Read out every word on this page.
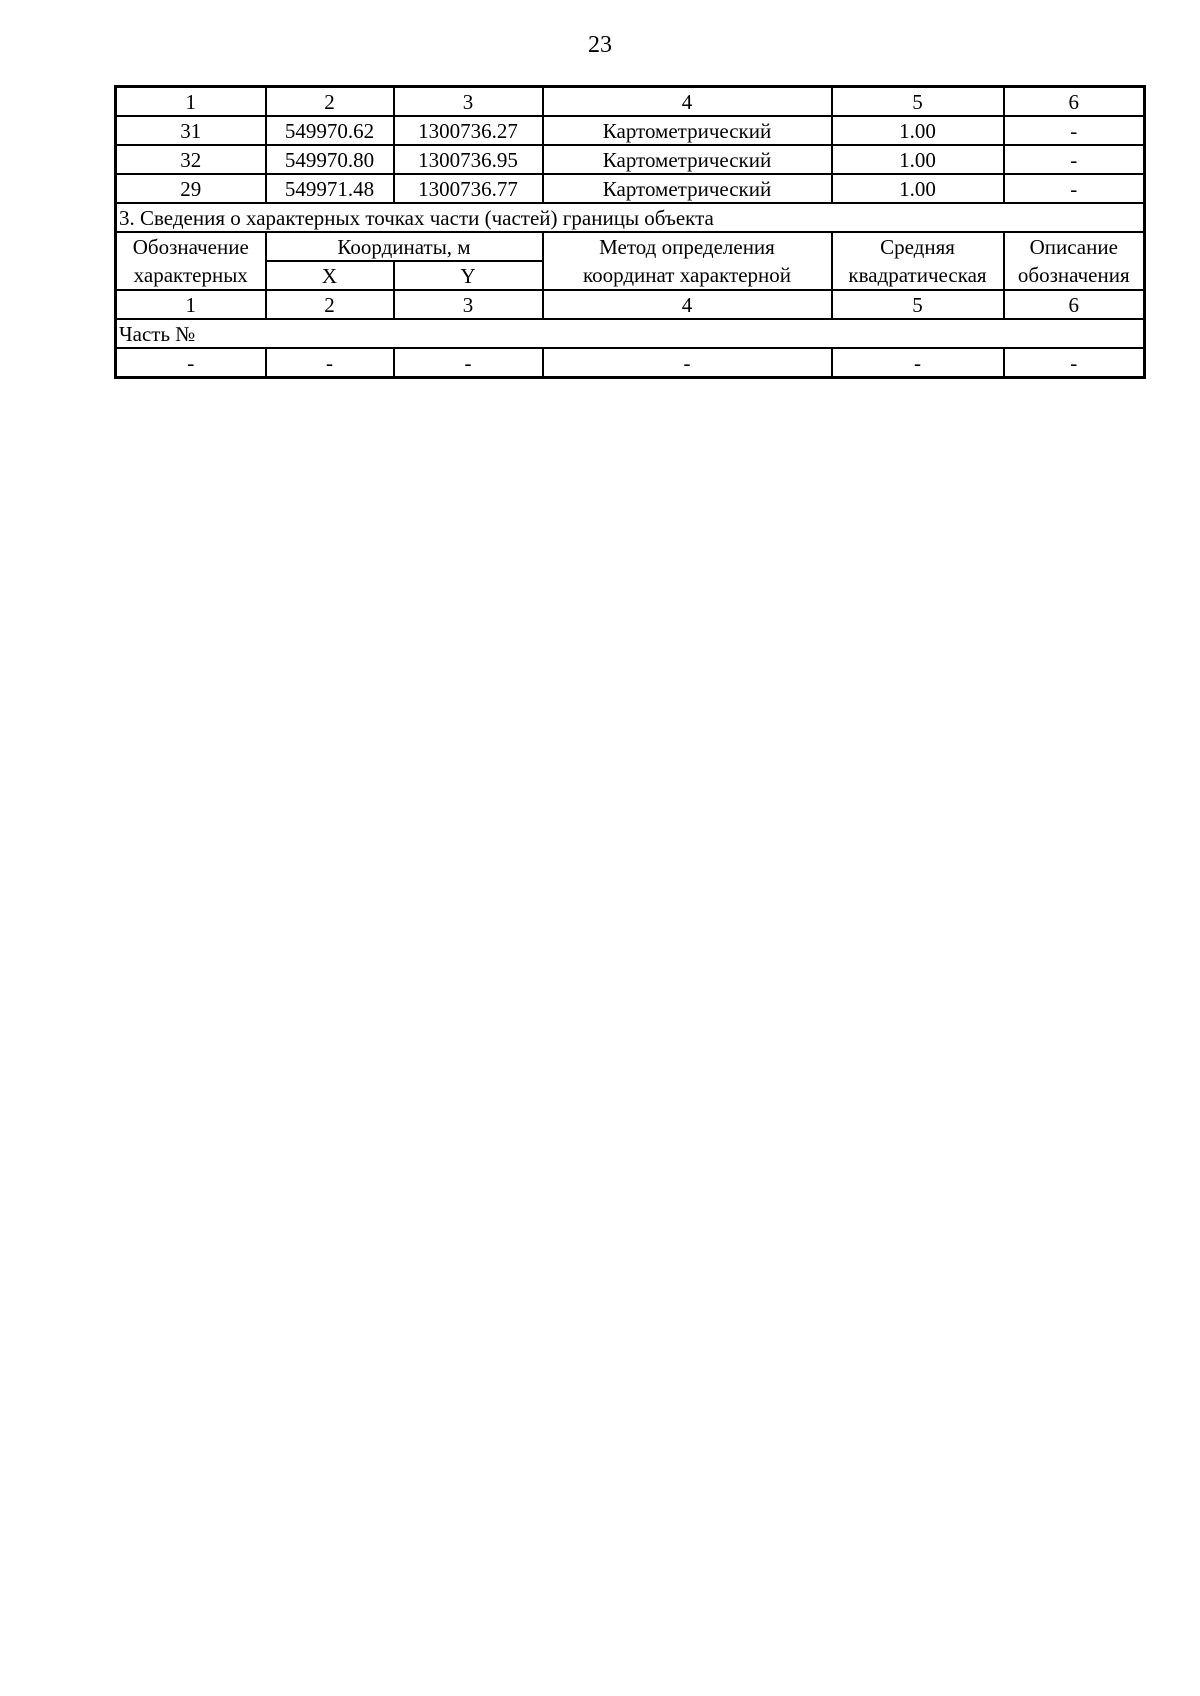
23
1	2	3	4	5	6
31	549970.62	1300736.27	Картометрический	1.00	-
32	549970.80	1300736.95	Картометрический	1.00	-
29	549971.48	1300736.77	Картометрический	1.00	-
3. Сведения о характерных точках части (частей) границы объекта					
Обозначение	Координаты, м		Метод определения	Средняя	Описание
характерных	X	Y	координат характерной	квадратическая	обозначения
1	2	3	4	5	6
Часть №					
-	-	-	-	-	-
